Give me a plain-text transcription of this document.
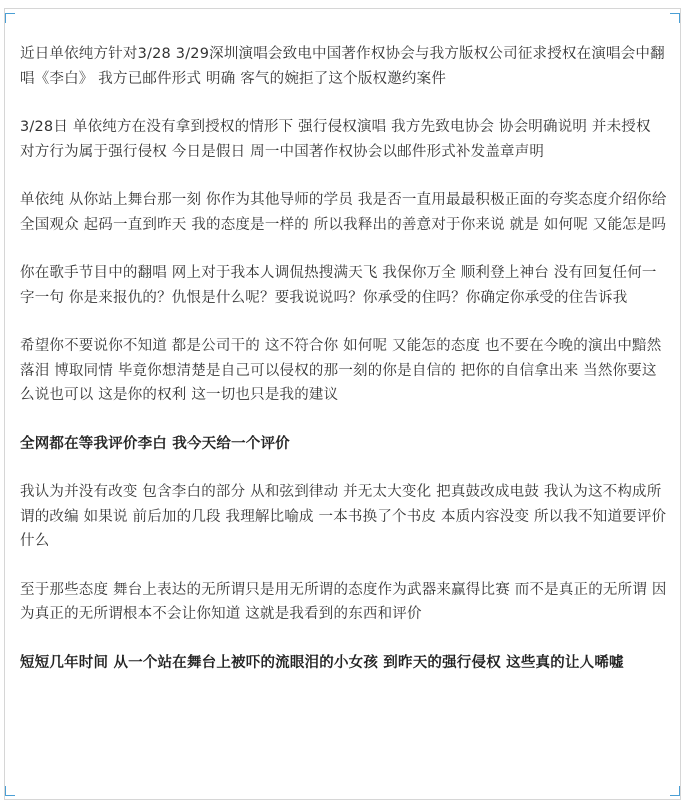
近日单依纯方针对3/28 3/29深圳演唱会致电中国著作权协会与我方版权公司征求授权在演唱会中翻唱《李白》 我方已邮件形式 明确 客气的婉拒了这个版权邀约案件

3/28日 单依纯方在没有拿到授权的情形下 强行侵权演唱 我方先致电协会 协会明确说明 并未授权 对方行为属于强行侵权 今日是假日 周一中国著作权协会以邮件形式补发盖章声明

单依纯 从你站上舞台那一刻 你作为其他导师的学员 我是否一直用最最积极正面的夸奖态度介绍你给全国观众 起码一直到昨天 我的态度是一样的 所以我释出的善意对于你来说 就是 如何呢 又能怎是吗

你在歌手节目中的翻唱 网上对于我本人调侃热搜满天飞 我保你万全 顺利登上神台 没有回复任何一字一句 你是来报仇的？仇恨是什么呢？要我说说吗？你承受的住吗？你确定你承受的住告诉我

希望你不要说你不知道 都是公司干的 这不符合你 如何呢 又能怎的态度 也不要在今晚的演出中黯然落泪 博取同情 毕竟你想清楚是自己可以侵权的那一刻的你是自信的 把你的自信拿出来 当然你要这么说也可以 这是你的权利 这一切也只是我的建议

全网都在等我评价李白 我今天给一个评价

我认为并没有改变 包含李白的部分 从和弦到律动 并无太大变化 把真鼓改成电鼓 我认为这不构成所谓的改编 如果说 前后加的几段 我理解比喻成 一本书换了个书皮 本质内容没变 所以我不知道要评价什么

至于那些态度 舞台上表达的无所谓只是用无所谓的态度作为武器来赢得比赛 而不是真正的无所谓 因为真正的无所谓根本不会让你知道 这就是我看到的东西和评价

短短几年时间 从一个站在舞台上被吓的流眼泪的小女孩 到昨天的强行侵权 这些真的让人唏嘘
